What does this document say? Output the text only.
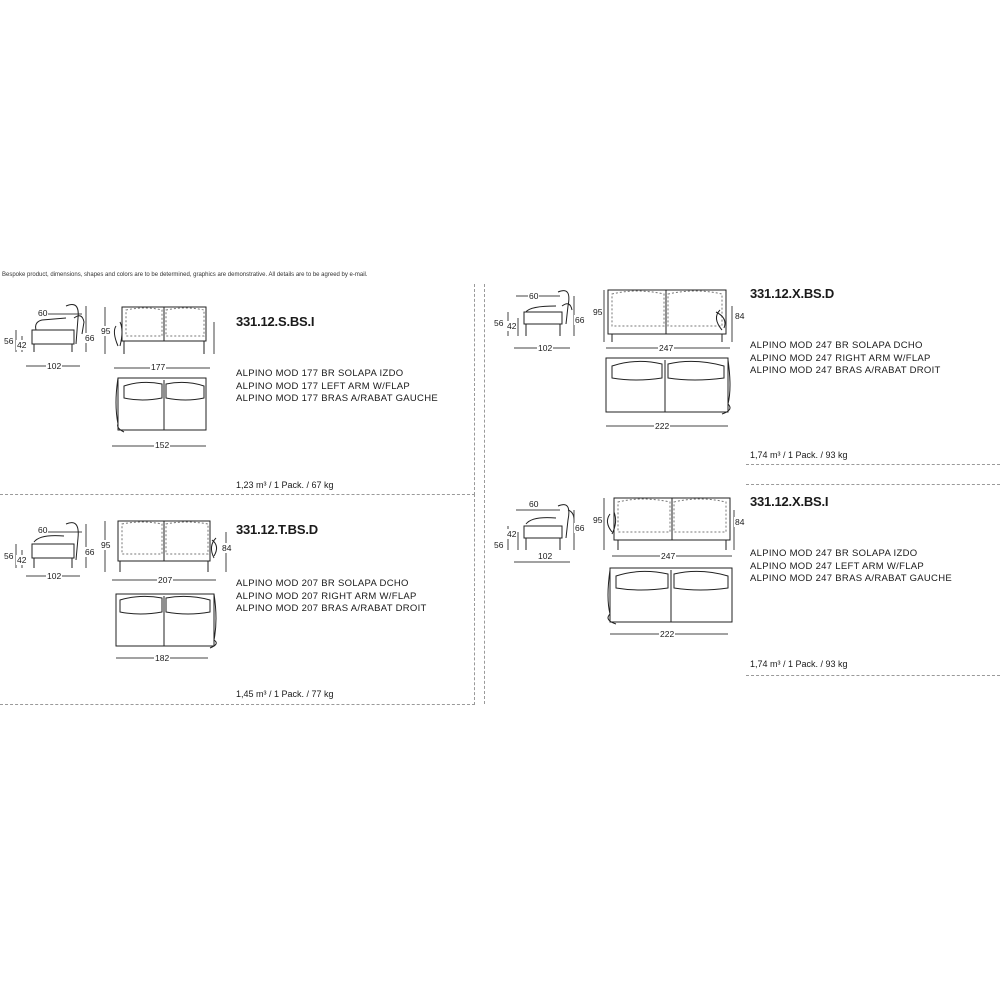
Bespoke product, dimensions, shapes and colors are to be determined, graphics are demonstrative. All details are to be agreed by e-mail.
60
56 42
102
95
66
177
152
331.12.S.BS.I
ALPINO MOD 177 BR SOLAPA IZDO
ALPINO MOD 177 LEFT ARM W/FLAP
ALPINO MOD 177 BRAS A/RABAT GAUCHE
1,23 m³ / 1 Pack. / 67 kg
60
56 42
102
95
66	84
207
182
331.12.T.BS.D
ALPINO MOD 207 BR SOLAPA DCHO
ALPINO MOD 207 RIGHT ARM W/FLAP
ALPINO MOD 207 BRAS A/RABAT DROIT
1,45 m³ / 1 Pack. / 77 kg
60
56 42
102
95
66	84
247
222
331.12.X.BS.D
ALPINO MOD 247 BR SOLAPA DCHO
ALPINO MOD 247 RIGHT ARM W/FLAP
ALPINO MOD 247 BRAS A/RABAT DROIT
1,74 m³ / 1 Pack. / 93 kg
60
56
42
102
95
66
84
247
222
331.12.X.BS.I
ALPINO MOD 247 BR SOLAPA IZDO
ALPINO MOD 247 LEFT ARM W/FLAP
ALPINO MOD 247 BRAS A/RABAT GAUCHE
1,74 m³ / 1 Pack. / 93 kg
